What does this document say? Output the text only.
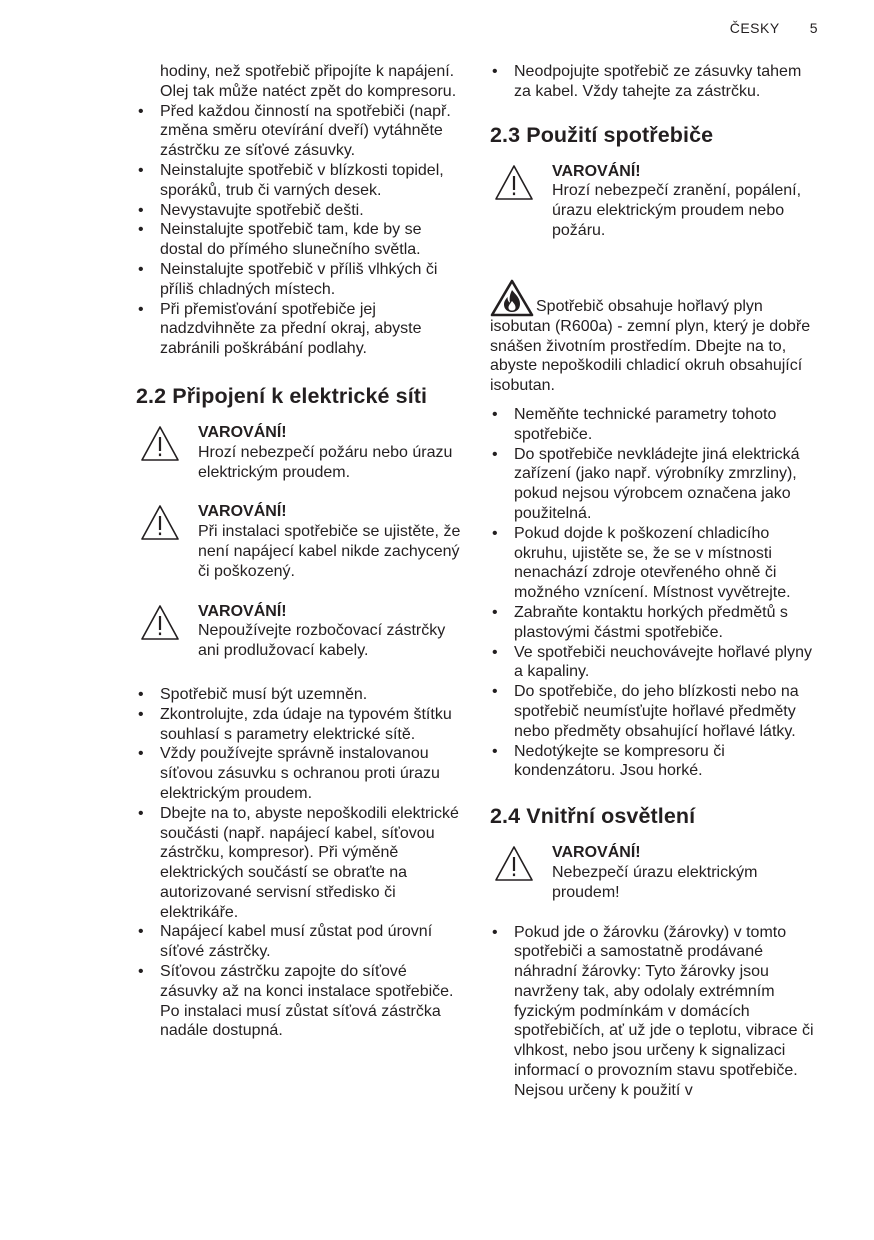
ČESKY 5

hodiny, než spotřebič připojíte k napájení. Olej tak může natéct zpět do kompresoru.

• Před každou činností na spotřebiči (např. změna směru otevírání dveří) vytáhněte zástrčku ze síťové zásuvky.
• Neinstalujte spotřebič v blízkosti topidel, sporáků, trub či varných desek.
• Nevystavujte spotřebič dešti.
• Neinstalujte spotřebič tam, kde by se dostal do přímého slunečního světla.
• Neinstalujte spotřebič v příliš vlhkých či příliš chladných místech.
• Při přemisťování spotřebiče jej nadzdvihněte za přední okraj, abyste zabránili poškrábání podlahy.
2.2 Připojení k elektrické síti
VAROVÁNÍ!
Hrozí nebezpečí požáru nebo úrazu elektrickým proudem.
VAROVÁNÍ!
Při instalaci spotřebiče se ujistěte, že není napájecí kabel nikde zachycený či poškozený.
VAROVÁNÍ!
Nepoužívejte rozbočovací zástrčky ani prodlužovací kabely.
• Spotřebič musí být uzemněn.
• Zkontrolujte, zda údaje na typovém štítku souhlasí s parametry elektrické sítě.
• Vždy používejte správně instalovanou síťovou zásuvku s ochranou proti úrazu elektrickým proudem.
• Dbejte na to, abyste nepoškodili elektrické součásti (např. napájecí kabel, síťovou zástrčku, kompresor). Při výměně elektrických součástí se obraťte na autorizované servisní středisko či elektrikáře.
• Napájecí kabel musí zůstat pod úrovní síťové zástrčky.
• Síťovou zástrčku zapojte do síťové zásuvky až na konci instalace spotřebiče. Po instalaci musí zůstat síťová zástrčka nadále dostupná.
• Neodpojujte spotřebič ze zásuvky tahem za kabel. Vždy tahejte za zástrčku.
2.3 Použití spotřebiče
VAROVÁNÍ!
Hrozí nebezpečí zranění, popálení, úrazu elektrickým proudem nebo požáru.

Spotřebič obsahuje hořlavý plyn isobutan (R600a) - zemní plyn, který je dobře snášen životním prostředím. Dbejte na to, abyste nepoškodili chladicí okruh obsahující isobutan.

• Neměňte technické parametry tohoto spotřebiče.
• Do spotřebiče nevkládejte jiná elektrická zařízení (jako např. výrobníky zmrzliny), pokud nejsou výrobcem označena jako použitelná.
• Pokud dojde k poškození chladicího okruhu, ujistěte se, že se v místnosti nenachází zdroje otevřeného ohně či možného vznícení. Místnost vyvětrejte.
• Zabraňte kontaktu horkých předmětů s plastovými částmi spotřebiče.
• Ve spotřebiči neuchovávejte hořlavé plyny a kapaliny.
• Do spotřebiče, do jeho blízkosti nebo na spotřebič neumísťujte hořlavé předměty nebo předměty obsahující hořlavé látky.
• Nedotýkejte se kompresoru či kondenzátoru. Jsou horké.
2.4 Vnitřní osvětlení
VAROVÁNÍ!
Nebezpečí úrazu elektrickým proudem!
• Pokud jde o žárovku (žárovky) v tomto spotřebiči a samostatně prodávané náhradní žárovky: Tyto žárovky jsou navrženy tak, aby odolaly extrémním fyzickým podmínkám v domácích spotřebičích, ať už jde o teplotu, vibrace či vlhkost, nebo jsou určeny k signalizaci informací o provozním stavu spotřebiče. Nejsou určeny k použití v
